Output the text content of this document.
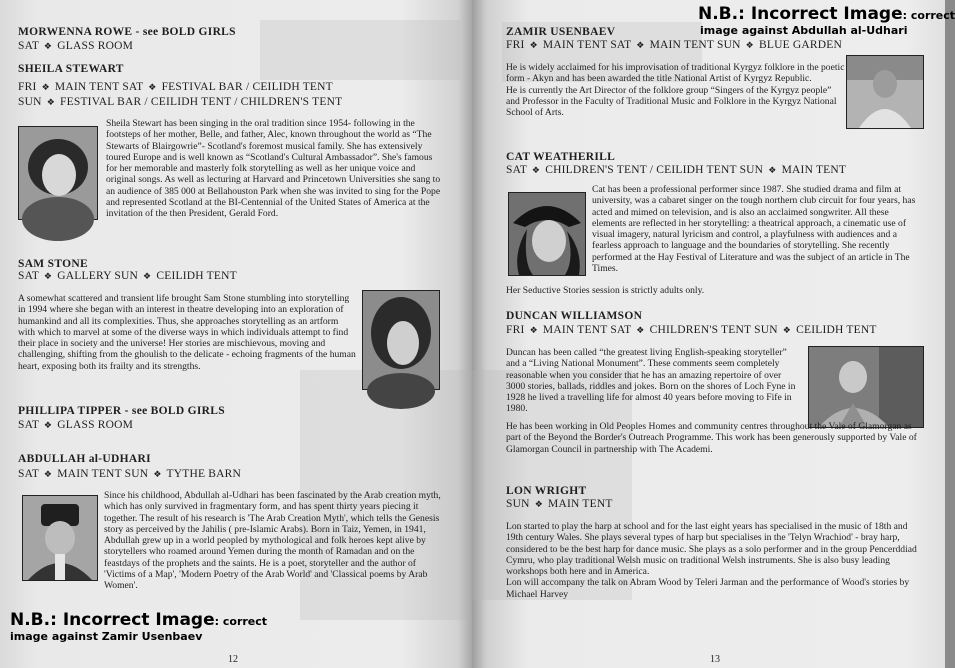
MORWENNA ROWE - see BOLD GIRLS
SAT ❖ GLASS ROOM
SHEILA STEWART
FRI ❖ MAIN TENT SAT ❖ FESTIVAL BAR / CEILIDH TENT
SUN ❖ FESTIVAL BAR / CEILIDH TENT / CHILDREN'S TENT

Sheila Stewart has been singing in the oral tradition since 1954- following in the footsteps of her mother, Belle, and father, Alec, known throughout the world as “The Stewarts of Blairgowrie”- Scotland's foremost musical family. She has extensively toured Europe and is well known as “Scotland's Cultural Ambassador”. She's famous for her memorable and masterly folk storytelling as well as her unique voice and original songs. As well as lecturing at Harvard and Princetown Universities she sang to an audience of 385 000 at Bellahouston Park when she was invited to sing for the Pope and represented Scotland at the BI-Centennial of the United States of America at the invitation of the then President, Gerald Ford.

SAM STONE
SAT ❖ GALLERY SUN ❖ CEILIDH TENT

A somewhat scattered and transient life brought Sam Stone stumbling into storytelling in 1994 where she began with an interest in theatre developing into an exploration of humankind and all its complexities. Thus, she approaches storytelling as an artform with which to marvel at some of the diverse ways in which individuals attempt to find their place in society and the universe! Her stories are mischievous, moving and challenging, shifting from the ghoulish to the delicate - echoing fragments of the human heart, exposing both its frailty and its strengths.

PHILLIPA TIPPER - see BOLD GIRLS
SAT ❖ GLASS ROOM
ABDULLAH al-UDHARI
SAT ❖ MAIN TENT SUN ❖ TYTHE BARN

Since his childhood, Abdullah al-Udhari has been fascinated by the Arab creation myth, which has only survived in fragmentary form, and has spent thirty years piecing it together. The result of his research is 'The Arab Creation Myth', which tells the Genesis story as perceived by the Jahilis ( pre-Islamic Arabs). Born in Taiz, Yemen, in 1941, Abdullah grew up in a world peopled by mythological and folk heroes kept alive by storytellers who roamed around Yemen during the month of Ramadan and on the feastdays of the prophets and the saints. He is a poet, storyteller and the author of 'Victims of a Map', 'Modern Poetry of the Arab World' and 'Classical poems by Arab Women'.

N.B.: Incorrect Image: correct
image against Zamir Usenbaev
12
N.B.: Incorrect Image: correct
image against Abdullah al-Udhari
ZAMIR USENBAEV
FRI ❖ MAIN TENT SAT ❖ MAIN TENT SUN ❖ BLUE GARDEN

He is widely acclaimed for his improvisation of traditional Kyrgyz folklore in the poetic form - Akyn and has been awarded the title National Artist of Kyrgyz Republic.

He is currently the Art Director of the folklore group “Singers of the Kyrgyz people” and Professor in the Faculty of Traditional Music and Folklore in the Kyrgyz National School of Arts.

CAT WEATHERILL
SAT ❖ CHILDREN'S TENT / CEILIDH TENT SUN ❖ MAIN TENT

Cat has been a professional performer since 1987. She studied drama and film at university, was a cabaret singer on the tough northern club circuit for four years, has acted and mimed on television, and is also an acclaimed songwriter. All these elements are reflected in her storytelling: a theatrical approach, a cinematic use of visual imagery, natural lyricism and control, a playfulness with audiences and a fearless approach to language and the boundaries of storytelling. She recently performed at the Hay Festival of Literature and was the subject of an article in The Times.

Her Seductive Stories session is strictly adults only.

DUNCAN WILLIAMSON
FRI ❖ MAIN TENT SAT ❖ CHILDREN'S TENT SUN ❖ CEILIDH TENT

Duncan has been called “the greatest living English-speaking storyteller” and a “Living National Monument”. These comments seem completely reasonable when you consider that he has an amazing repertoire of over 3000 stories, ballads, riddles and jokes. Born on the shores of Loch Fyne in 1928 he lived a travelling life for almost 40 years before moving to Fife in 1980.

He has been working in Old Peoples Homes and community centres throughout the Vale of Glamorgan as part of the Beyond the Border's Outreach Programme. This work has been generously supported by Vale of Glamorgan Council in partnership with The Academi.

LON WRIGHT
SUN ❖ MAIN TENT

Lon started to play the harp at school and for the last eight years has specialised in the music of 18th and 19th century Wales. She plays several types of harp but specialises in the 'Telyn Wrachiod' - bray harp, considered to be the best harp for dance music. She plays as a solo performer and in the group Pencerddiad Cymru, who play traditional Welsh music on traditional Welsh instruments. She is also busy leading workshops both here and in America.

Lon will accompany the talk on Abram Wood by Teleri Jarman and the performance of Wood's stories by Michael Harvey

13
